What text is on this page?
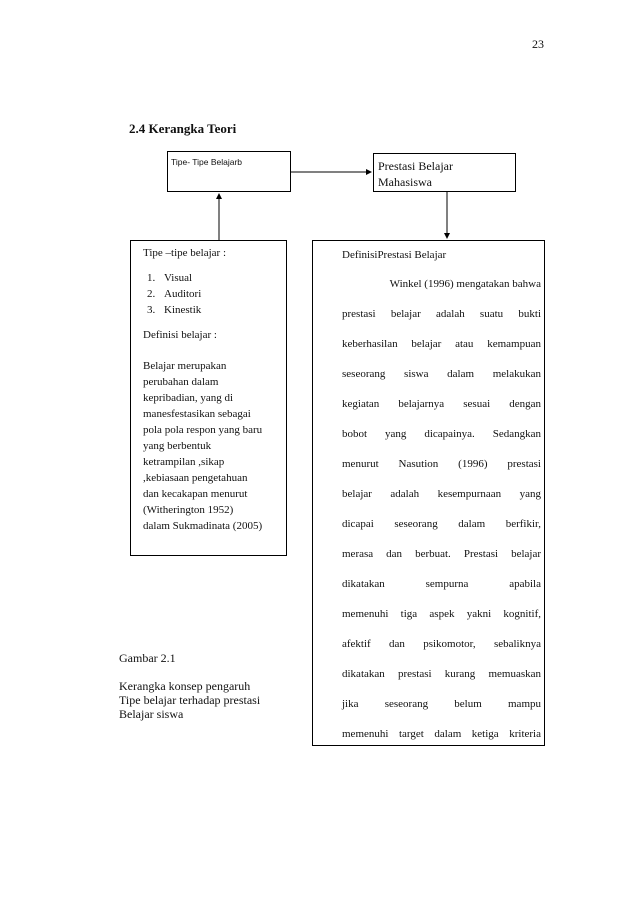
23
2.4 Kerangka Teori
Tipe- Tipe Belajarb	Prestasi Belajar
Mahasiswa
Tipe –tipe belajar :
1. Visual
2. Auditori
3. Kinestik
Definisi belajar :
Belajar merupakan
perubahan dalam
kepribadian, yang di
manesfestasikan sebagai
pola pola respon yang baru
yang berbentuk
ketrampilan ,sikap
,kebiasaan pengetahuan
dan kecakapan menurut
(Witherington 1952)
dalam Sukmadinata (2005)
DefinisiPrestasi Belajar
Winkel (1996) mengatakan bahwa
prestasi belajar adalah suatu bukti
keberhasilan belajar atau kemampuan
seseorang siswa dalam melakukan
kegiatan belajarnya sesuai dengan
bobot yang dicapainya. Sedangkan
menurut Nasution (1996) prestasi
belajar adalah kesempurnaan yang
dicapai seseorang dalam berfikir,
merasa dan berbuat. Prestasi belajar
dikatakan sempurna apabila
memenuhi tiga aspek yakni kognitif,
afektif dan psikomotor, sebaliknya
dikatakan prestasi kurang memuaskan
jika seseorang belum mampu
memenuhi target dalam ketiga kriteria
Gambar 2.1
Kerangka konsep pengaruh
Tipe belajar terhadap prestasi
Belajar siswa
